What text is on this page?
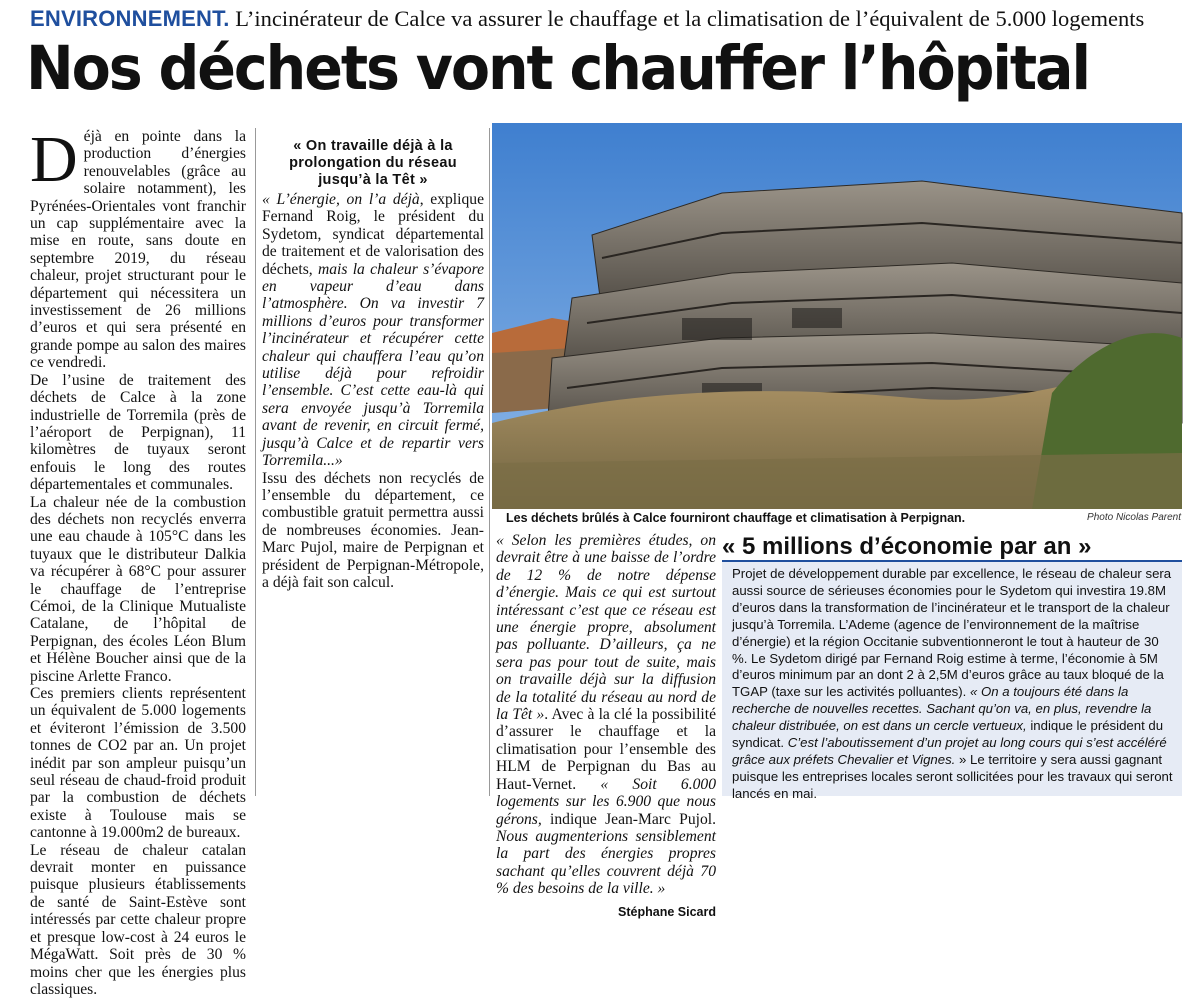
ENVIRONNEMENT. L’incinérateur de Calce va assurer le chauffage et la climatisation de l’équivalent de 5.000 logements
Nos déchets vont chauffer l’hôpital

Déjà en pointe dans la production d’énergies renouvelables (grâce au solaire notamment), les Pyrénées-Orientales vont franchir un cap supplémentaire avec la mise en route, sans doute en septembre 2019, du réseau chaleur, projet structurant pour le département qui nécessitera un investissement de 26 millions d’euros et qui sera présenté en grande pompe au salon des maires ce vendredi.

De l’usine de traitement des déchets de Calce à la zone industrielle de Torremila (près de l’aéroport de Perpignan), 11 kilomètres de tuyaux seront enfouis le long des routes départementales et communales.

La chaleur née de la combustion des déchets non recyclés enverra une eau chaude à 105°C dans les tuyaux que le distributeur Dalkia va récupérer à 68°C pour assurer le chauffage de l’entreprise Cémoi, de la Clinique Mutualiste Catalane, de l’hôpital de Perpignan, des écoles Léon Blum et Hélène Boucher ainsi que de la piscine Arlette Franco.

Ces premiers clients représentent un équivalent de 5.000 logements et éviteront l’émission de 3.500 tonnes de CO2 par an. Un projet inédit par son ampleur puisqu’un seul réseau de chaud-froid produit par la combustion de déchets existe à Toulouse mais se cantonne à 19.000m2 de bureaux.

Le réseau de chaleur catalan devrait monter en puissance puisque plusieurs établissements de santé de Saint-Estève sont intéressés par cette chaleur propre et presque low-cost à 24 euros le MégaWatt. Soit près de 30 % moins cher que les énergies plus classiques.

« On travaille déjà à la prolongation du réseau jusqu’à la Têt »

« L’énergie, on l’a déjà, explique Fernand Roig, le président du Sydetom, syndicat départemental de traitement et de valorisation des déchets, mais la chaleur s’évapore en vapeur d’eau dans l’atmosphère. On va investir 7 millions d’euros pour transformer l’incinérateur et récupérer cette chaleur qui chauffera l’eau qu’on utilise déjà pour refroidir l’ensemble. C’est cette eau-là qui sera envoyée jusqu’à Torremila avant de revenir, en circuit fermé, jusqu’à Calce et de repartir vers Torremila...»

Issu des déchets non recyclés de l’ensemble du département, ce combustible gratuit permettra aussi de nombreuses économies. Jean-Marc Pujol, maire de Perpignan et président de Perpignan-Métropole, a déjà fait son calcul.

« Selon les premières études, on devrait être à une baisse de l’ordre de 12 % de notre dépense d’énergie. Mais ce qui est surtout intéressant c’est que ce réseau est une énergie propre, absolument pas polluante. D’ailleurs, ça ne sera pas pour tout de suite, mais on travaille déjà sur la diffusion de la totalité du réseau au nord de la Têt ». Avec à la clé la possibilité d’assurer le chauffage et la climatisation pour l’ensemble des HLM de Perpignan du Bas au Haut-Vernet. « Soit 6.000 logements sur les 6.900 que nous gérons, indique Jean-Marc Pujol. Nous augmenterions sensiblement la part des énergies propres sachant qu’elles couvrent déjà 70 % des besoins de la ville. »

Stéphane Sicard
Les déchets brûlés à Calce fourniront chauffage et climatisation à Perpignan.	Photo Nicolas Parent
« 5 millions d’économie par an »
Projet de développement durable par excellence, le réseau de chaleur sera aussi source de sérieuses économies pour le Sydetom qui investira 19.8M d’euros dans la transformation de l’incinérateur et le transport de la chaleur jusqu’à Torremila. L’Ademe (agence de l’environnement de la maîtrise d’énergie) et la région Occitanie subventionneront le tout à hauteur de 30 %. Le Sydetom dirigé par Fernand Roig estime à terme, l’économie à 5M d’euros minimum par an dont 2 à 2,5M d’euros grâce au taux bloqué de la TGAP (taxe sur les activités polluantes). « On a toujours été dans la recherche de nouvelles recettes. Sachant qu’on va, en plus, revendre la chaleur distribuée, on est dans un cercle vertueux, indique le président du syndicat. C’est l’aboutissement d’un projet au long cours qui s’est accéléré grâce aux préfets Chevalier et Vignes. » Le territoire y sera aussi gagnant puisque les entreprises locales seront sollicitées pour les travaux qui seront lancés en mai.
